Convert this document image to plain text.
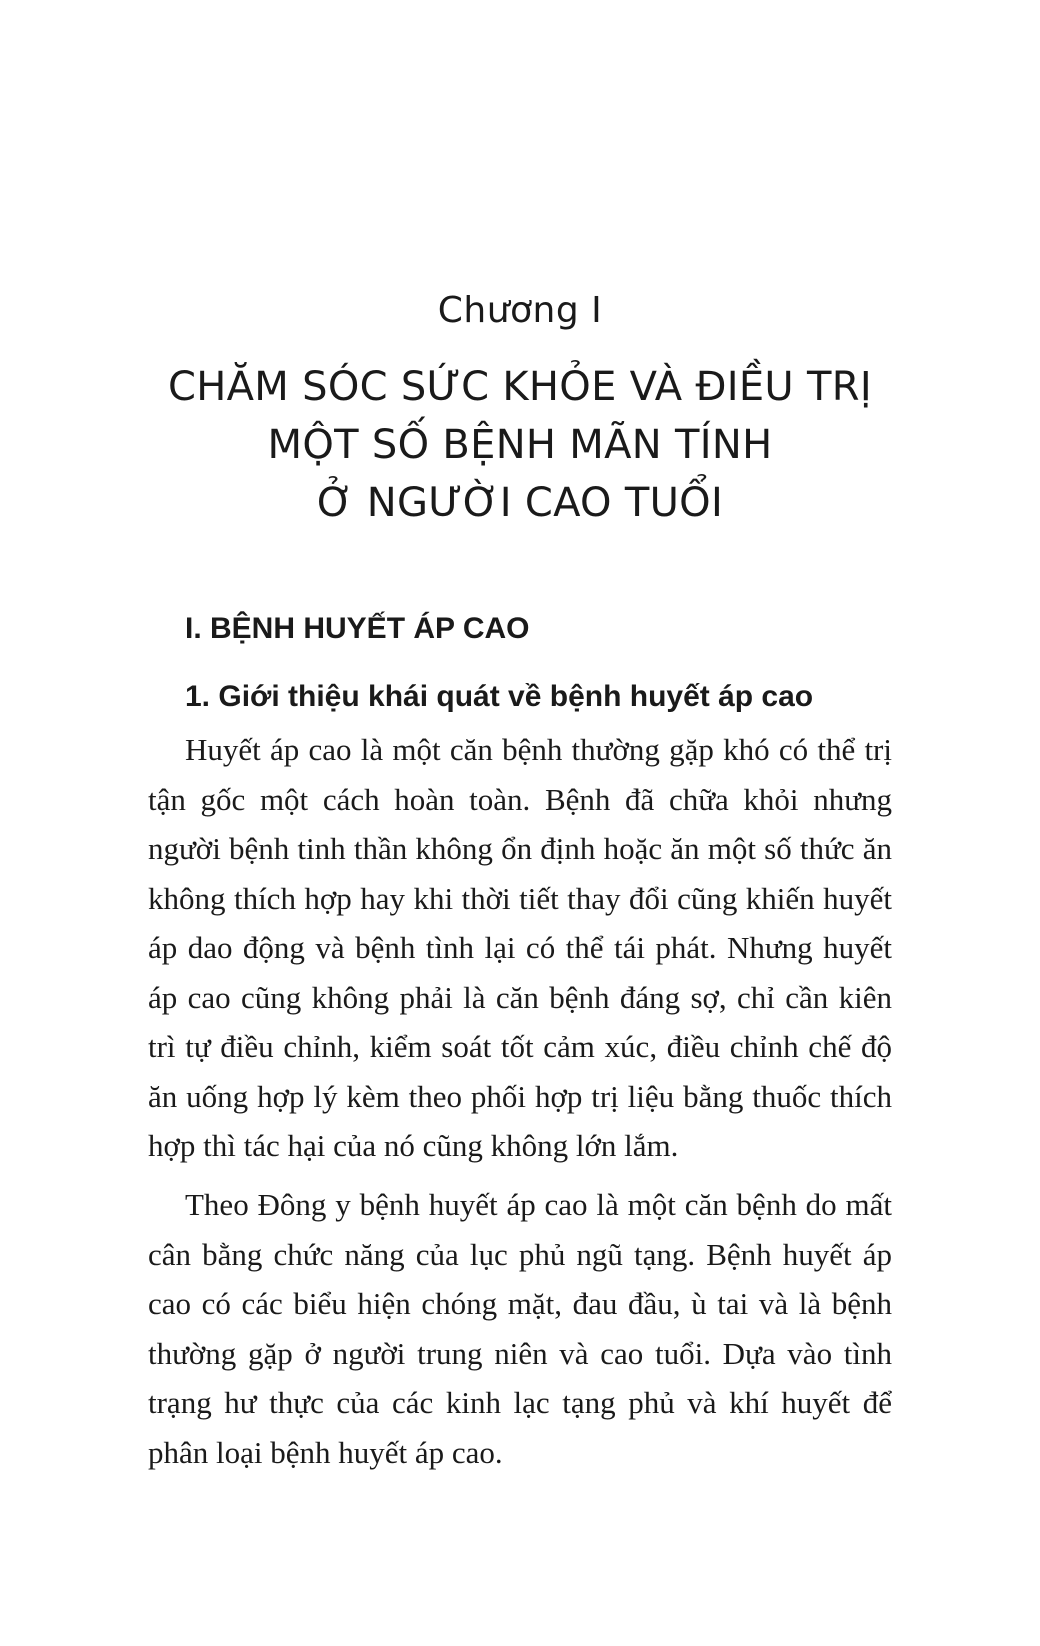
Chương I
CHĂM SÓC SỨC KHỎE VÀ ĐIỀU TRỊ
MỘT SỐ BỆNH MÃN TÍNH
Ở NGƯỜI CAO TUỔI
I. BỆNH HUYẾT ÁP CAO
1. Giới thiệu khái quát về bệnh huyết áp cao

Huyết áp cao là một căn bệnh thường gặp khó có thể trị tận gốc một cách hoàn toàn. Bệnh đã chữa khỏi nhưng người bệnh tinh thần không ổn định hoặc ăn một số thức ăn không thích hợp hay khi thời tiết thay đổi cũng khiến huyết áp dao động và bệnh tình lại có thể tái phát. Nhưng huyết áp cao cũng không phải là căn bệnh đáng sợ, chỉ cần kiên trì tự điều chỉnh, kiểm soát tốt cảm xúc, điều chỉnh chế độ ăn uống hợp lý kèm theo phối hợp trị liệu bằng thuốc thích hợp thì tác hại của nó cũng không lớn lắm.

Theo Đông y bệnh huyết áp cao là một căn bệnh do mất cân bằng chức năng của lục phủ ngũ tạng. Bệnh huyết áp cao có các biểu hiện chóng mặt, đau đầu, ù tai và là bệnh thường gặp ở người trung niên và cao tuổi. Dựa vào tình trạng hư thực của các kinh lạc tạng phủ và khí huyết để phân loại bệnh huyết áp cao.
